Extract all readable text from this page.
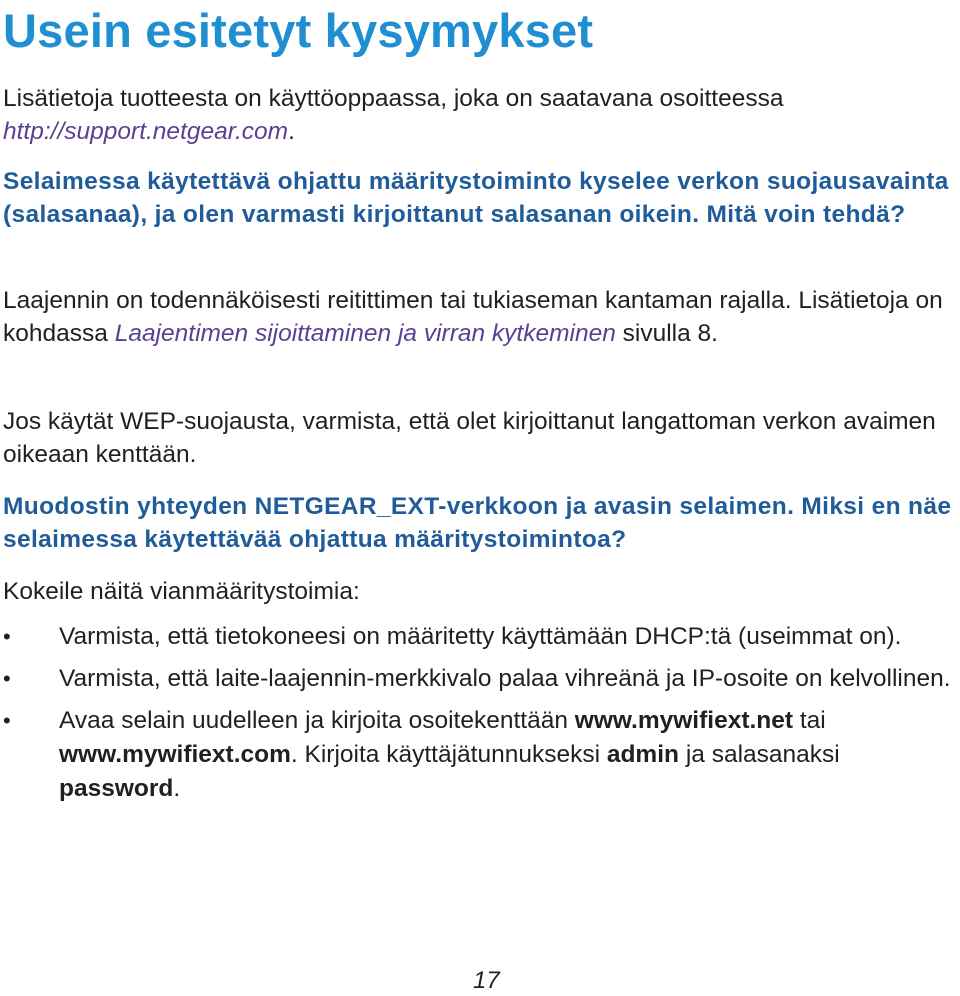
Usein esitetyt kysymykset

Lisätietoja tuotteesta on käyttöoppaassa, joka on saatavana osoitteessa
http://support.netgear.com.

Selaimessa käytettävä ohjattu määritystoiminto kyselee verkon suojausavainta (salasanaa), ja olen varmasti kirjoittanut salasanan oikein. Mitä voin tehdä?

Laajennin on todennäköisesti reitittimen tai tukiaseman kantaman rajalla. Lisätietoja on kohdassa Laajentimen sijoittaminen ja virran kytkeminen sivulla 8.

Jos käytät WEP-suojausta, varmista, että olet kirjoittanut langattoman verkon avaimen oikeaan kenttään.

Muodostin yhteyden NETGEAR_EXT-verkkoon ja avasin selaimen. Miksi en näe selaimessa käytettävää ohjattua määritystoimintoa?

Kokeile näitä vianmääritystoimia:

• Varmista, että tietokoneesi on määritetty käyttämään DHCP:tä (useimmat on).
• Varmista, että laite-laajennin-merkkivalo palaa vihreänä ja IP-osoite on kelvollinen.
• Avaa selain uudelleen ja kirjoita osoitekenttään www.mywifiext.net tai www.mywifiext.com. Kirjoita käyttäjätunnukseksi admin ja salasanaksi password.
17
